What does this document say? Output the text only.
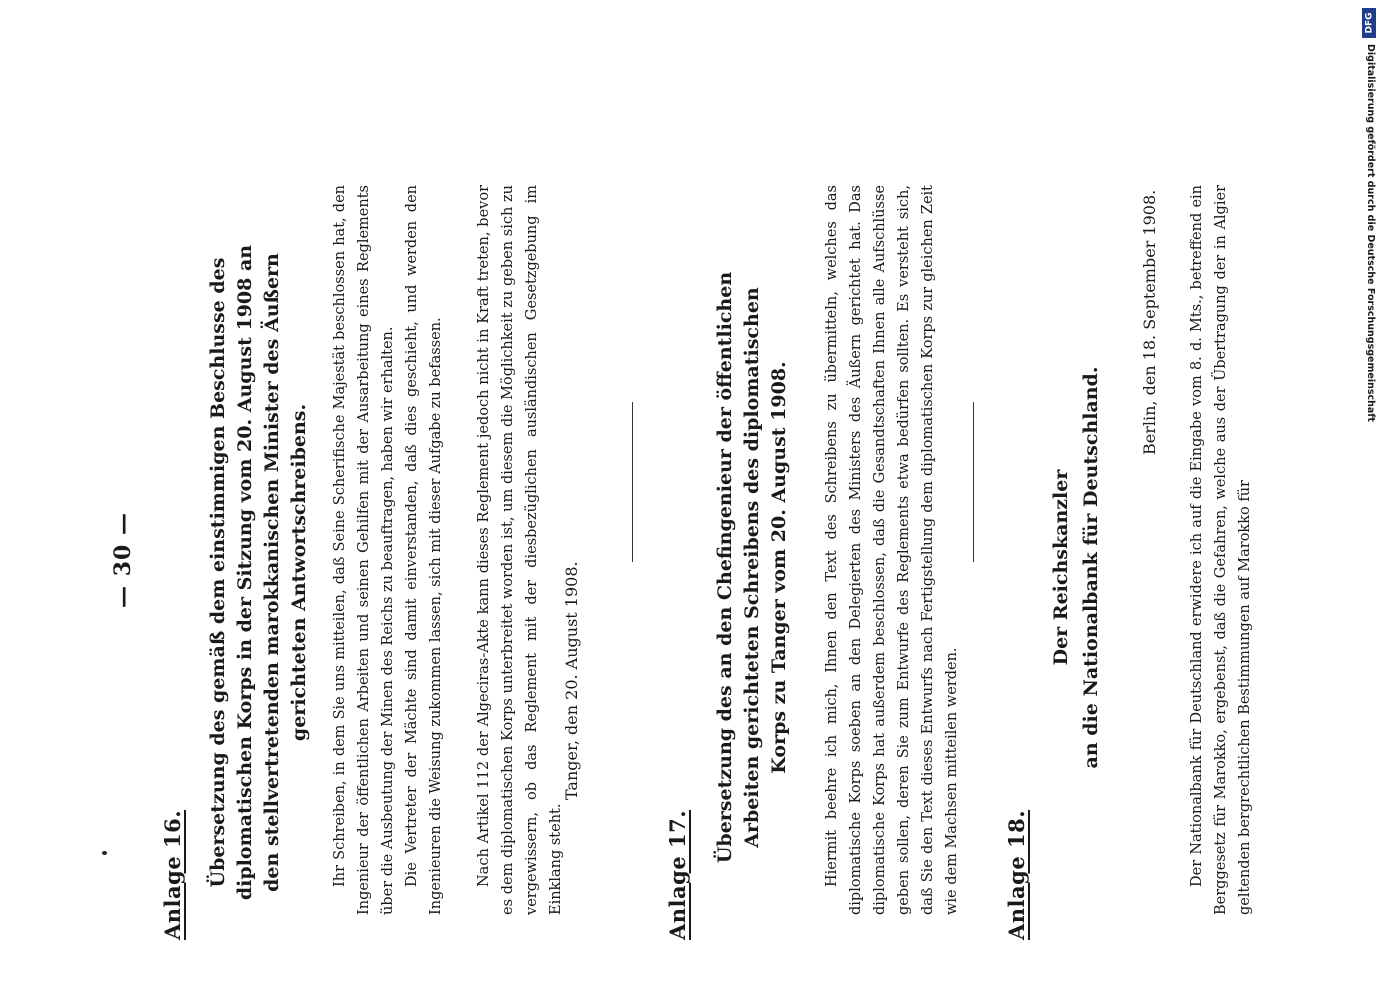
— 30 —
Anlage 16. Übersetzung des gemäß dem einstimmigen Beschlusse des diplomatischen Korps in der Sitzung vom 20. August 1908 an den stellvertretenden marokkanischen Minister des Äußern gerichteten Antwortschreibens. Ihr Schreiben, in dem Sie uns mitteilen, daß Seine Scherifische Majestät beschlossen hat, den Ingenieur der öffentlichen Arbeiten und seinen Gehilfen mit der Ausarbeitung eines Reglements über die Ausbeutung der Minen des Reichs zu beauftragen, haben wir erhalten. Die Vertreter der Mächte sind damit einverstanden, daß dies geschieht, und werden den Ingenieuren die Weisung zukommen lassen, sich mit dieser Aufgabe zu befassen. Nach Artikel 112 der Algeciras-Akte kann dieses Reglement jedoch nicht in Kraft treten, bevor es dem diplomatischen Korps unterbreitet worden ist, um diesem die Möglichkeit zu geben sich zu vergewissern, ob das Reglement mit der diesbezüglichen ausländischen Gesetzgebung im Einklang steht.

Tanger, den 20. August 1908.
Anlage 17.
Übersetzung des an den Chefingenieur der öffentlichen Arbeiten gerichteten Schreibens des diplomatischen Korps zu Tanger vom 20. August 1908. Hiermit beehre ich mich, Ihnen den Text des Schreibens zu übermitteln, welches das diplomatische Korps soeben an den Delegierten des Ministers des Äußern gerichtet hat. Das diplomatische Korps hat außerdem beschlossen, daß die Gesandtschaften Ihnen alle Aufschlüsse geben sollen, deren Sie zum Entwurfe des Reglements etwa bedürfen sollten. Es versteht sich, daß Sie den Text dieses Entwurfs nach Fertigstellung dem diplomatischen Korps zur gleichen Zeit wie dem Machsen mitteilen werden. Anlage 18.
Der Reichskanzler an die Nationalbank für Deutschland.
Berlin, den 18. September 1908. Der Nationalbank für Deutschland erwidere ich auf die Eingabe vom 8. d. Mts., betreffend ein Berggesetz für Marokko, ergebenst, daß die Gefahren, welche aus der Übertragung der in Algier geltenden bergrechtlichen Bestimmungen auf Marokko für

DFG
Digitalisierung gefördert durch die Deutsche Forschungsgemeinschaft
